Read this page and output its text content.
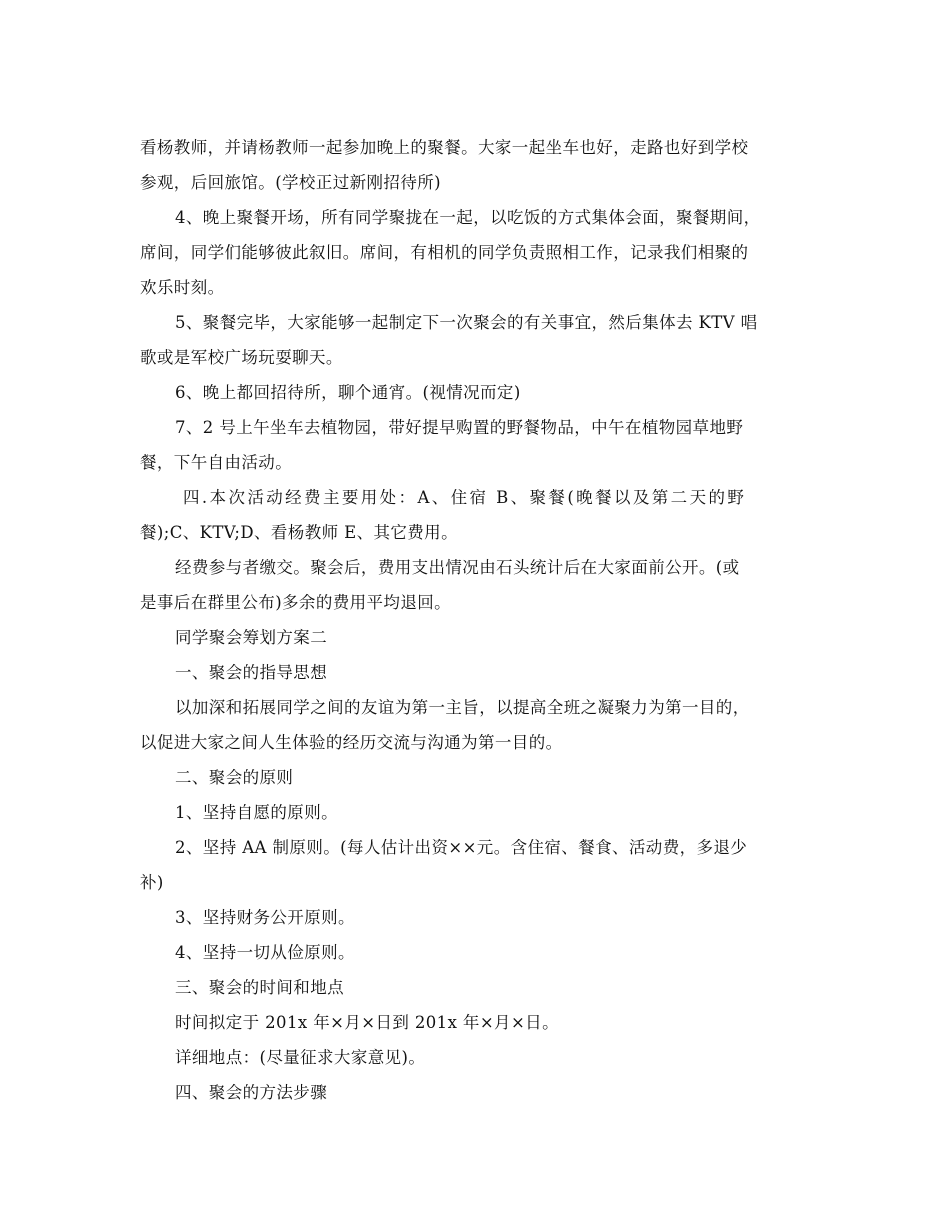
看杨教师，并请杨教师一起参加晚上的聚餐。大家一起坐车也好，走路也好到学校
参观，后回旅馆。(学校正过新刚招待所)
4、晚上聚餐开场，所有同学聚拢在一起，以吃饭的方式集体会面，聚餐期间，
席间，同学们能够彼此叙旧。席间，有相机的同学负责照相工作，记录我们相聚的
欢乐时刻。
5、聚餐完毕，大家能够一起制定下一次聚会的有关事宜，然后集体去 KTV 唱
歌或是军校广场玩耍聊天。
6、晚上都回招待所，聊个通宵。(视情况而定)
7、2 号上午坐车去植物园，带好提早购置的野餐物品，中午在植物园草地野
餐，下午自由活动。
四.本次活动经费主要用处：A、住宿 B、聚餐(晚餐以及第二天的野
餐);C、KTV;D、看杨教师 E、其它费用。
经费参与者缴交。聚会后，费用支出情况由石头统计后在大家面前公开。(或
是事后在群里公布)多余的费用平均退回。
同学聚会筹划方案二
一、聚会的指导思想
以加深和拓展同学之间的友谊为第一主旨，以提高全班之凝聚力为第一目的，
以促进大家之间人生体验的经历交流与沟通为第一目的。
二、聚会的原则
1、坚持自愿的原则。
2、坚持 AA 制原则。(每人估计出资××元。含住宿、餐食、活动费，多退少
补)
3、坚持财务公开原则。
4、坚持一切从俭原则。
三、聚会的时间和地点
时间拟定于 201x 年×月×日到 201x 年×月×日。
详细地点：(尽量征求大家意见)。
四、聚会的方法步骤
